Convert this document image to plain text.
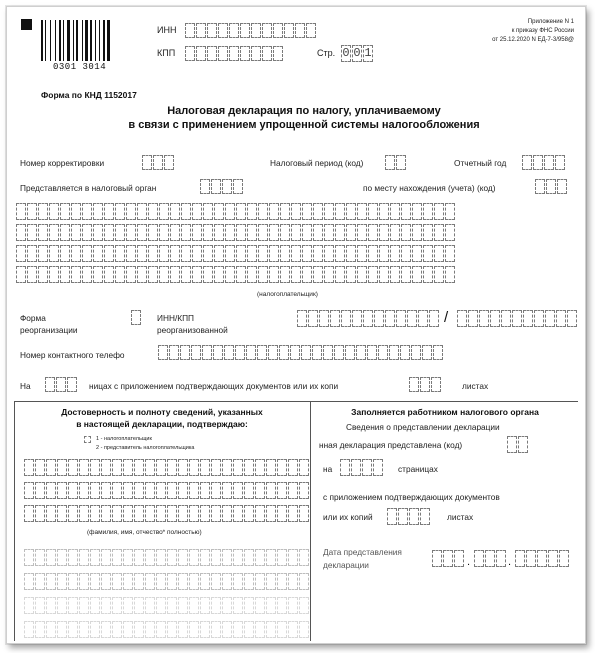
0301 3014
ИНН
КПП	Стр. 0 0 1
Приложение N 1
к приказу ФНС России
от 25.12.2020 N ЕД-7-3/958@
Форма по КНД 1152017
Налоговая декларация по налогу, уплачиваемому
в связи с применением упрощенной системы налогообложения
Номер корректировки	Налоговый период (код)	Отчетный год
Представляется в налоговый орган	по месту нахождения (учета) (код)
(налогоплательщик)
Форма
реорганизации
ИНН/КПП
реорганизованной
/
Номер контактного телефо
На	ницах с приложением подтверждающих документов или их копи	листах
Достоверность и полноту сведений, указанных
в настоящей декларации, подтверждаю:
1 - налогоплательщик
2 - представитель налогоплательщика
(фамилия, имя, отчество* полностью)
Заполняется работником налогового органа
Сведения о представлении декларации
нная декларация представлена (код)
на	страницах
с приложением подтверждающих документов
или их копий	листах
Дата представления
декларации	.	.
